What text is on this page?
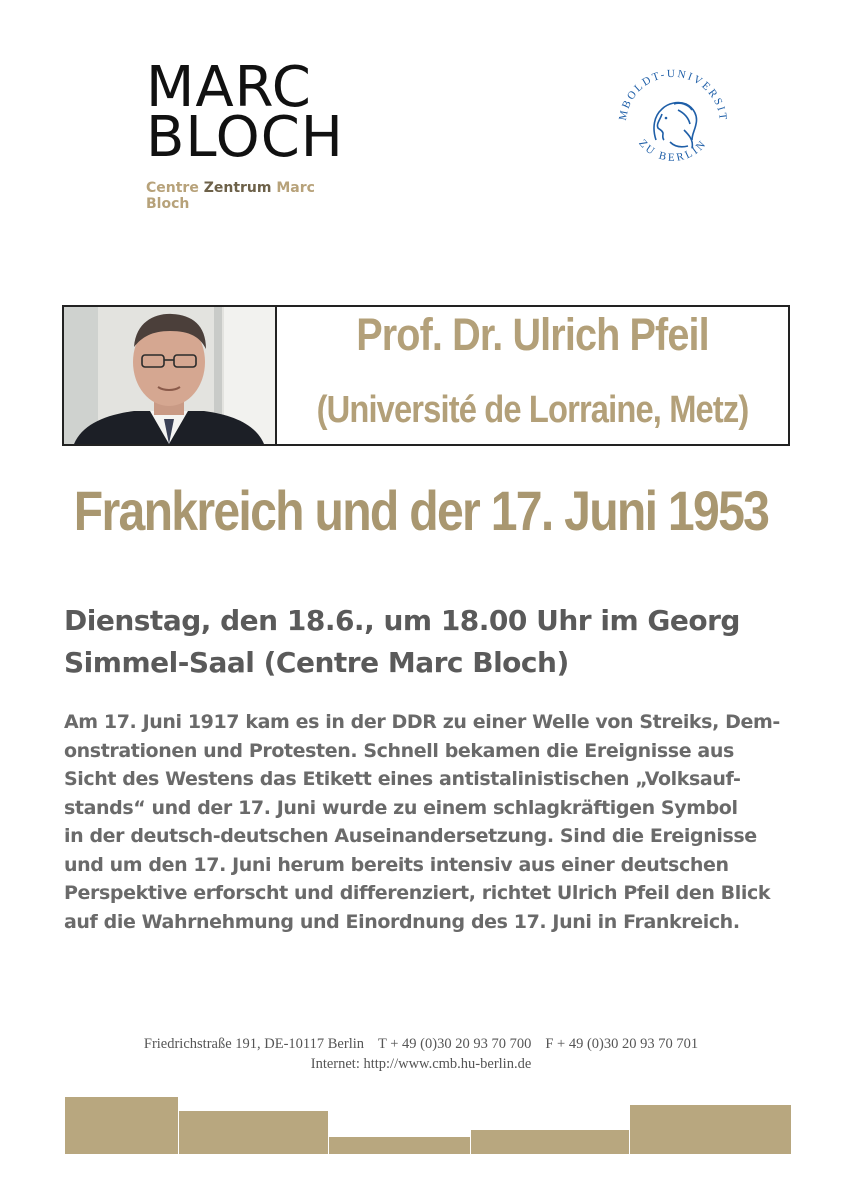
MARC
BLOCH
Centre Zentrum Marc Bloch
MBOLDT-UNIVERSIT
ZU BERLIN
Prof. Dr. Ulrich Pfeil
(Université de Lorraine, Metz)
Frankreich und der 17. Juni 1953
Dienstag, den 18.6., um 18.00 Uhr im Georg
Simmel-Saal (Centre Marc Bloch)
Am 17. Juni 1917 kam es in der DDR zu einer Welle von Streiks, Dem-
onstrationen und Protesten. Schnell bekamen die Ereignisse aus
Sicht des Westens das Etikett eines antistalinistischen „Volksauf-
stands“ und der 17. Juni wurde zu einem schlagkräftigen Symbol
in der deutsch-deutschen Auseinandersetzung. Sind die Ereignisse
und um den 17. Juni herum bereits intensiv aus einer deutschen
Perspektive erforscht und differenziert, richtet Ulrich Pfeil den Blick
auf die Wahrnehmung und Einordnung des 17. Juni in Frankreich.
Friedrichstraße 191, DE-10117 Berlin T + 49 (0)30 20 93 70 700 F + 49 (0)30 20 93 70 701
Internet: http://www.cmb.hu-berlin.de
